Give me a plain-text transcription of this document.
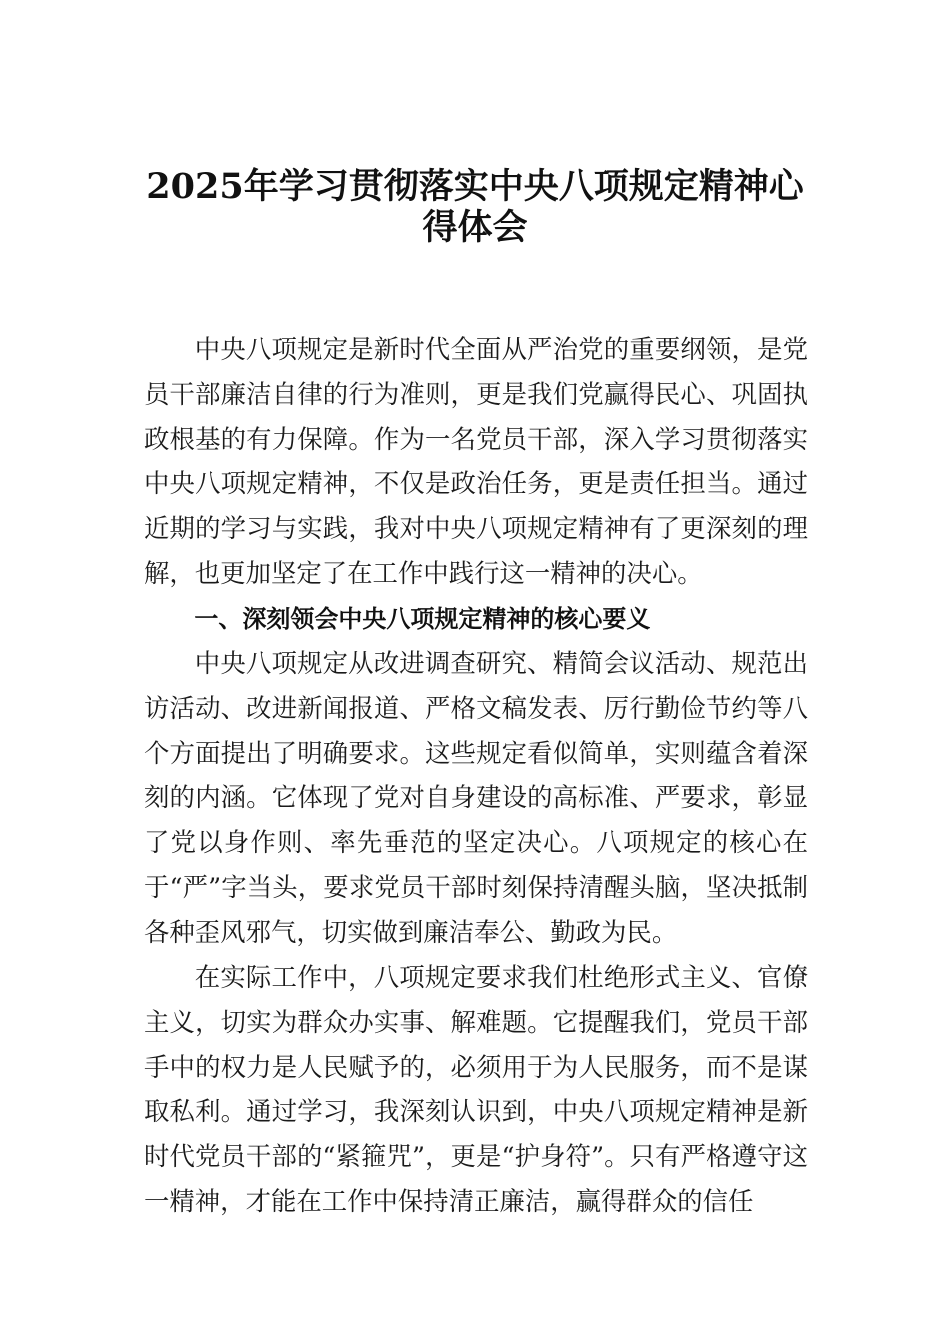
2025年学习贯彻落实中央八项规定精神心
得体会

中央八项规定是新时代全面从严治党的重要纲领，是党员干部廉洁自律的行为准则，更是我们党赢得民心、巩固执政根基的有力保障。作为一名党员干部，深入学习贯彻落实中央八项规定精神，不仅是政治任务，更是责任担当。通过近期的学习与实践，我对中央八项规定精神有了更深刻的理解，也更加坚定了在工作中践行这一精神的决心。

一、深刻领会中央八项规定精神的核心要义

中央八项规定从改进调查研究、精简会议活动、规范出访活动、改进新闻报道、严格文稿发表、厉行勤俭节约等八个方面提出了明确要求。这些规定看似简单，实则蕴含着深刻的内涵。它体现了党对自身建设的高标准、严要求，彰显了党以身作则、率先垂范的坚定决心。八项规定的核心在于“严”字当头，要求党员干部时刻保持清醒头脑，坚决抵制各种歪风邪气，切实做到廉洁奉公、勤政为民。

在实际工作中，八项规定要求我们杜绝形式主义、官僚主义，切实为群众办实事、解难题。它提醒我们，党员干部手中的权力是人民赋予的，必须用于为人民服务，而不是谋取私利。通过学习，我深刻认识到，中央八项规定精神是新时代党员干部的“紧箍咒”，更是“护身符”。只有严格遵守这一精神，才能在工作中保持清正廉洁，赢得群众的信任
